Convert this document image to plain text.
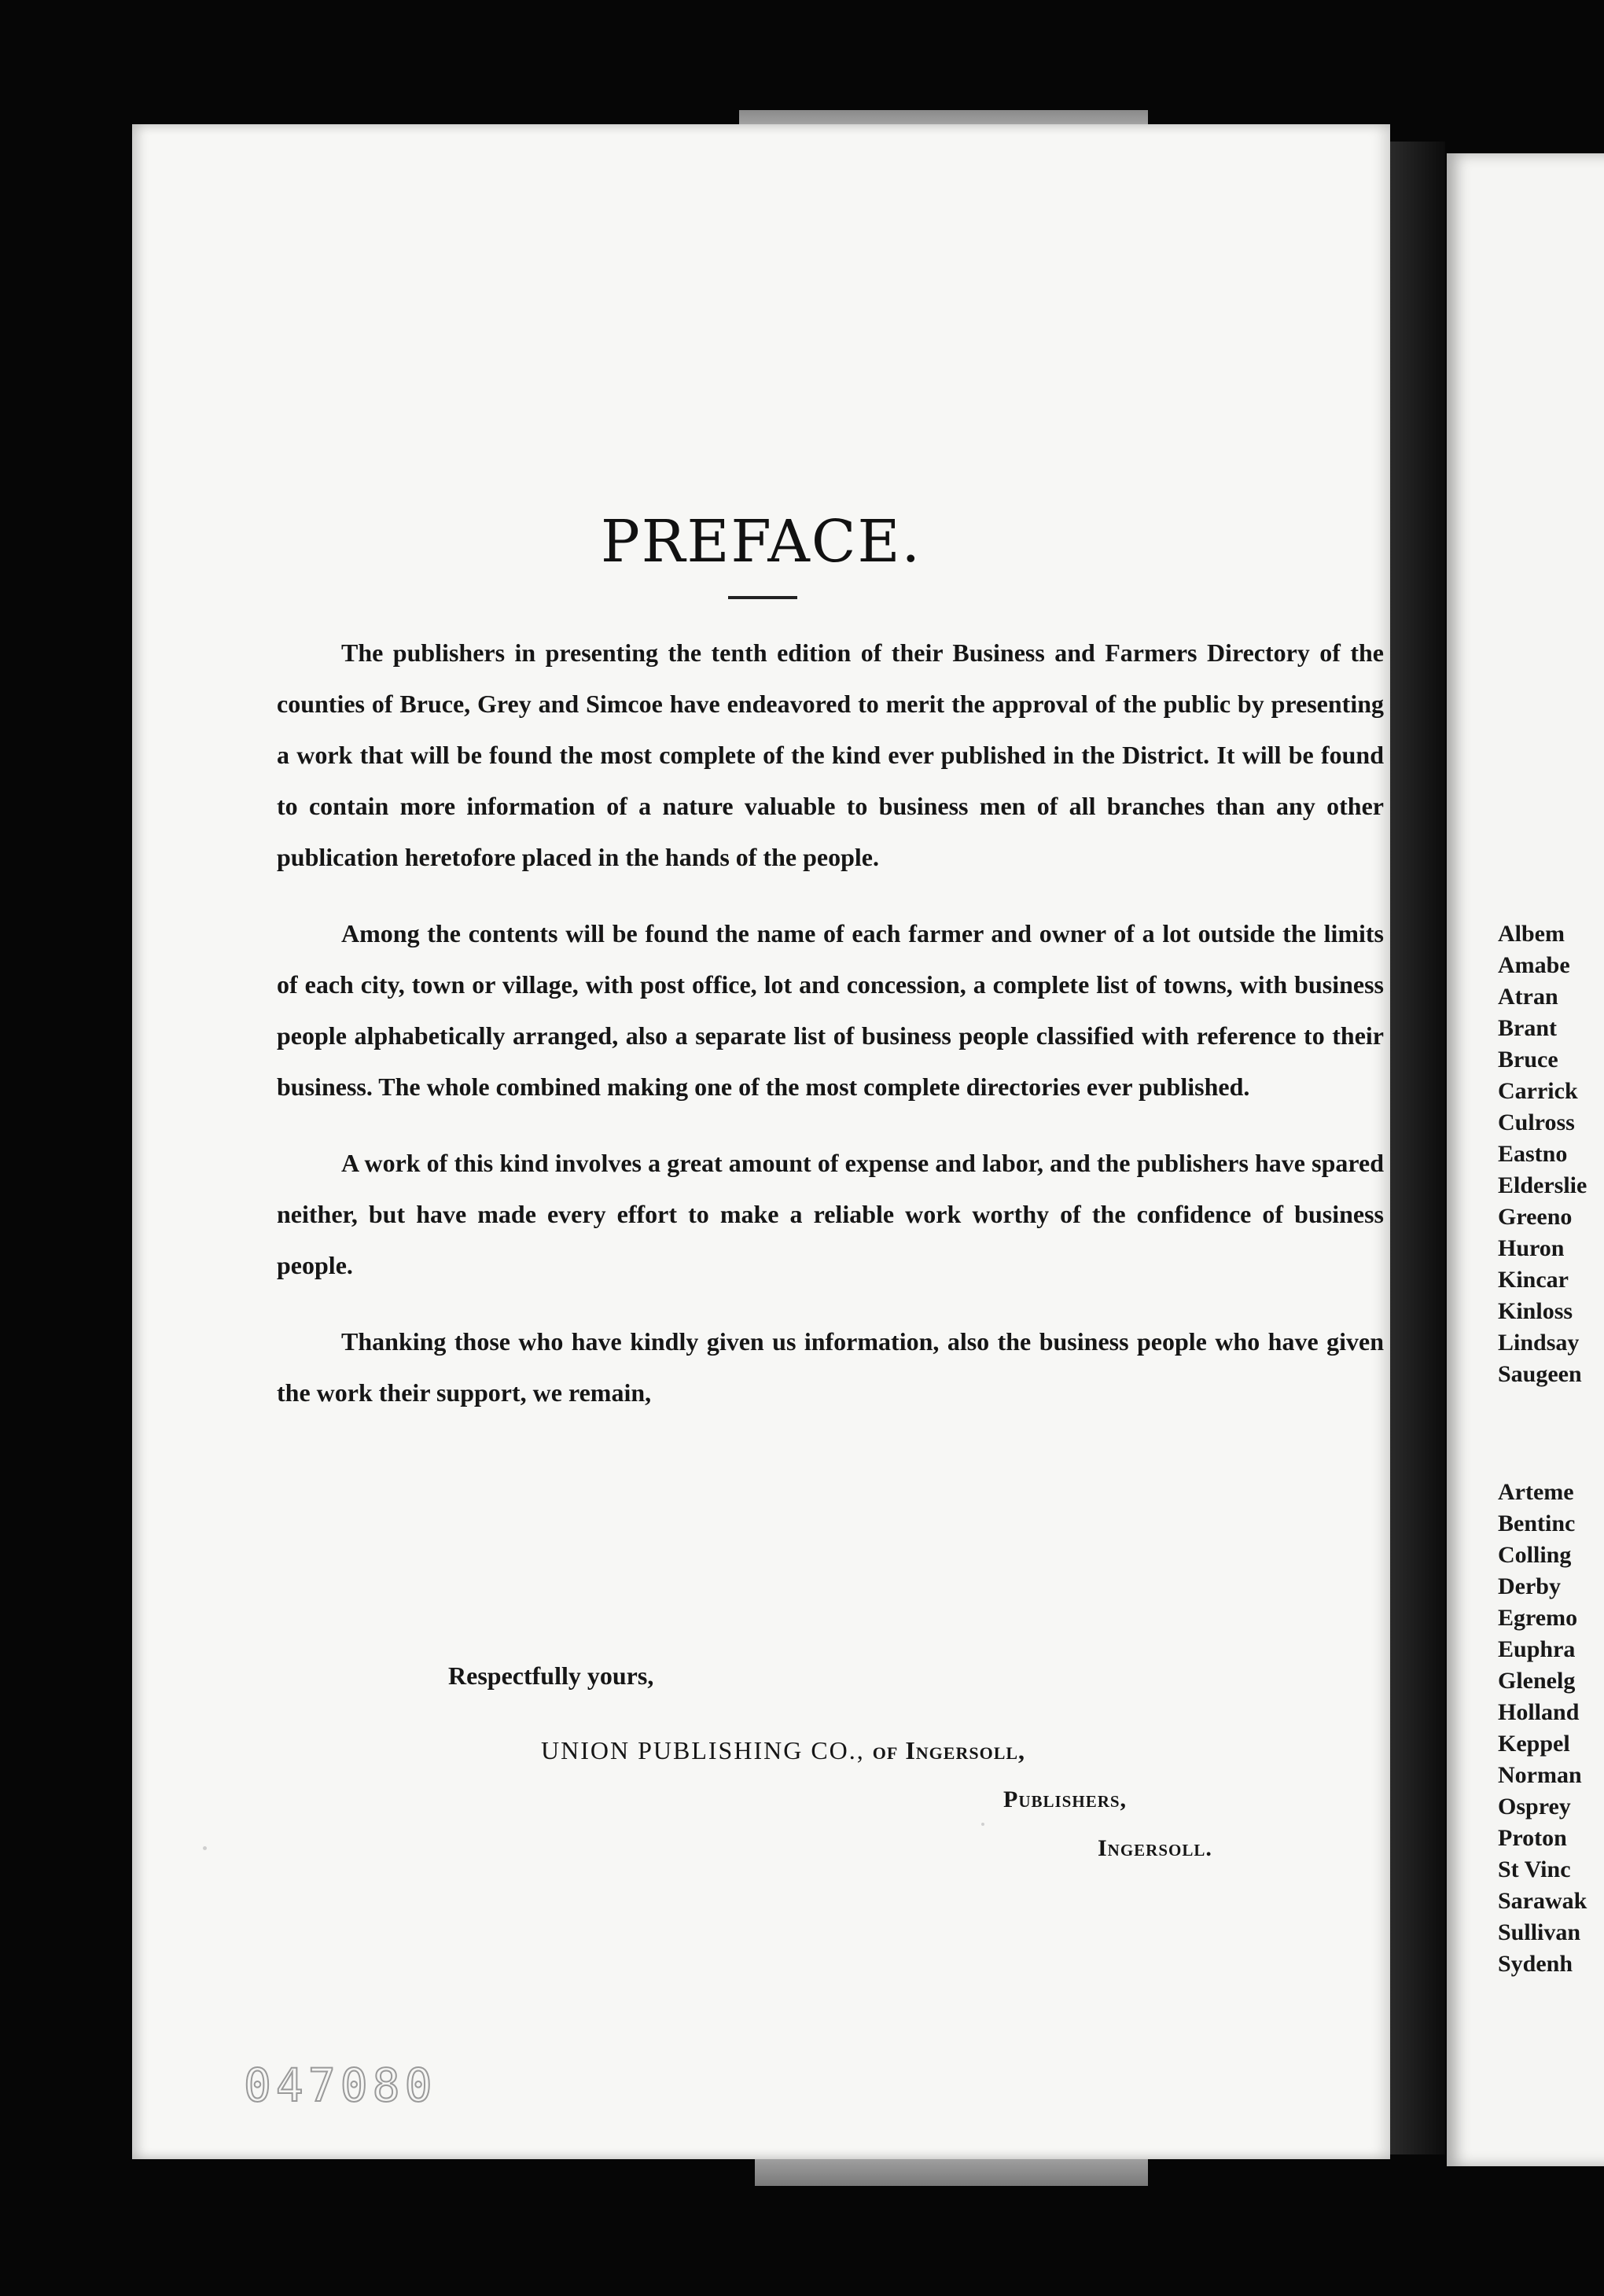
Albem
Amabe
Atran
Brant
Bruce
Carrick
Culross
Eastno
Elderslie
Greeno
Huron
Kincar
Kinloss
Lindsay
Saugeen
Arteme
Bentinc
Colling
Derby
Egremo
Euphra
Glenelg
Holland
Keppel
Norman
Osprey
Proton
St Vinc
Sarawak
Sullivan
Sydenh
PREFACE.

The publishers in presenting the tenth edition of their Business and Farmers Directory of the counties of Bruce, Grey and Simcoe have endeavored to merit the approval of the public by presenting a work that will be found the most complete of the kind ever published in the District. It will be found to contain more information of a nature valuable to business men of all branches than any other publication heretofore placed in the hands of the people.

Among the contents will be found the name of each farmer and owner of a lot outside the limits of each city, town or village, with post office, lot and concession, a complete list of towns, with business people alphabetically arranged, also a separate list of business people classified with reference to their business. The whole combined making one of the most complete directories ever published.

A work of this kind involves a great amount of expense and labor, and the publishers have spared neither, but have made every effort to make a reliable work worthy of the confidence of business people.

Thanking those who have kindly given us information, also the business people who have given the work their support, we remain,

Respectfully yours,
UNION PUBLISHING CO., of Ingersoll,
Publishers,
Ingersoll.
047080
